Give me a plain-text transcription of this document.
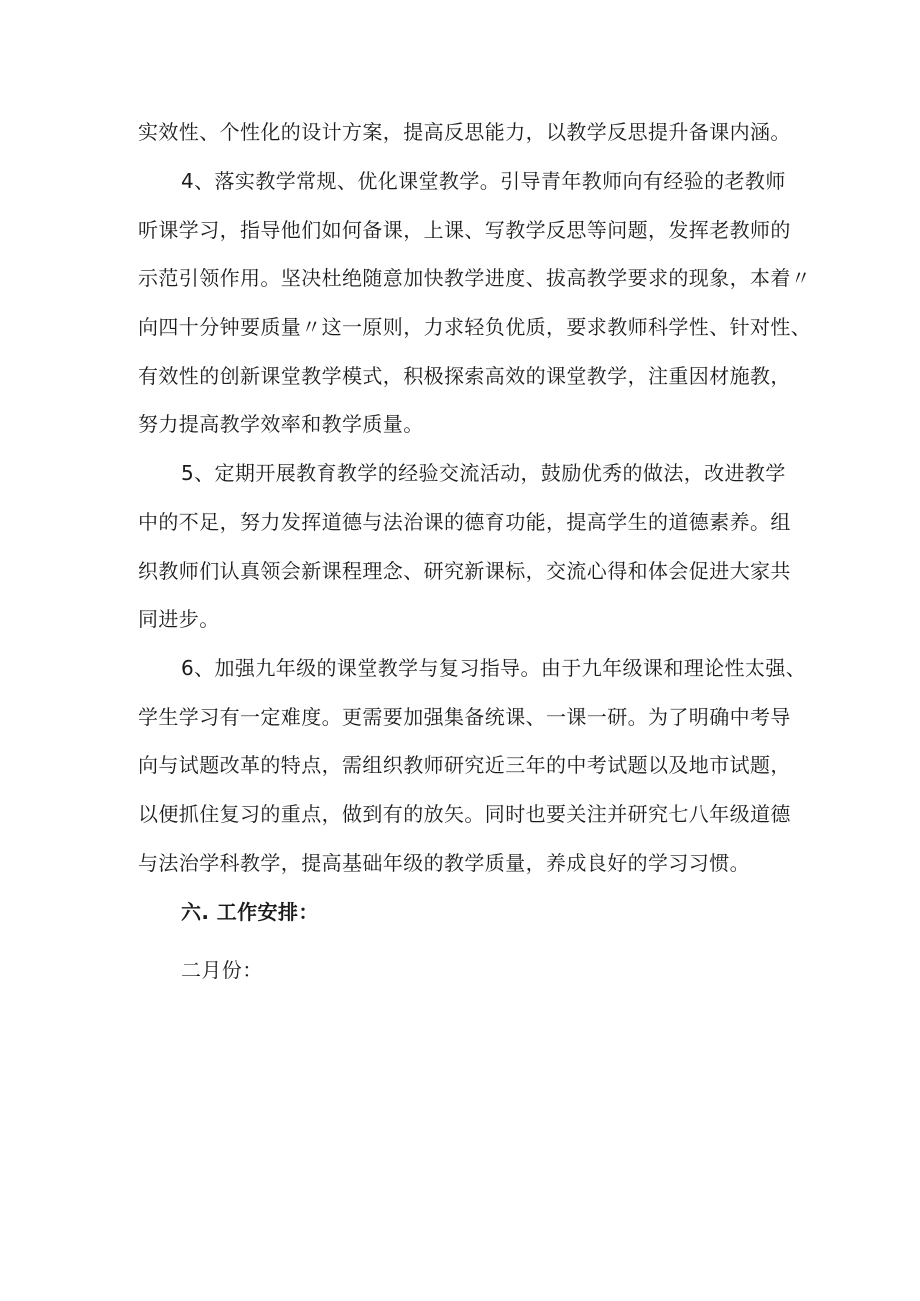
实效性、个性化的设计方案，提高反思能力，以教学反思提升备课内涵。
4、落实教学常规、优化课堂教学。引导青年教师向有经验的老教师
听课学习，指导他们如何备课，上课、写教学反思等问题，发挥老教师的
示范引领作用。坚决杜绝随意加快教学进度、拔高教学要求的现象，本着〃
向四十分钟要质量〃这一原则，力求轻负优质，要求教师科学性、针对性、
有效性的创新课堂教学模式，积极探索高效的课堂教学，注重因材施教，
努力提高教学效率和教学质量。
5、定期开展教育教学的经验交流活动，鼓励优秀的做法，改进教学
中的不足，努力发挥道德与法治课的德育功能，提高学生的道德素养。组
织教师们认真领会新课程理念、研究新课标，交流心得和体会促进大家共
同进步。
6、加强九年级的课堂教学与复习指导。由于九年级课和理论性太强、
学生学习有一定难度。更需要加强集备统课、一课一研。为了明确中考导
向与试题改革的特点，需组织教师研究近三年的中考试题以及地市试题，
以便抓住复习的重点，做到有的放矢。同时也要关注并研究七八年级道德
与法治学科教学，提高基础年级的教学质量，养成良好的学习习惯。
六. 工作安排：
二月份：
